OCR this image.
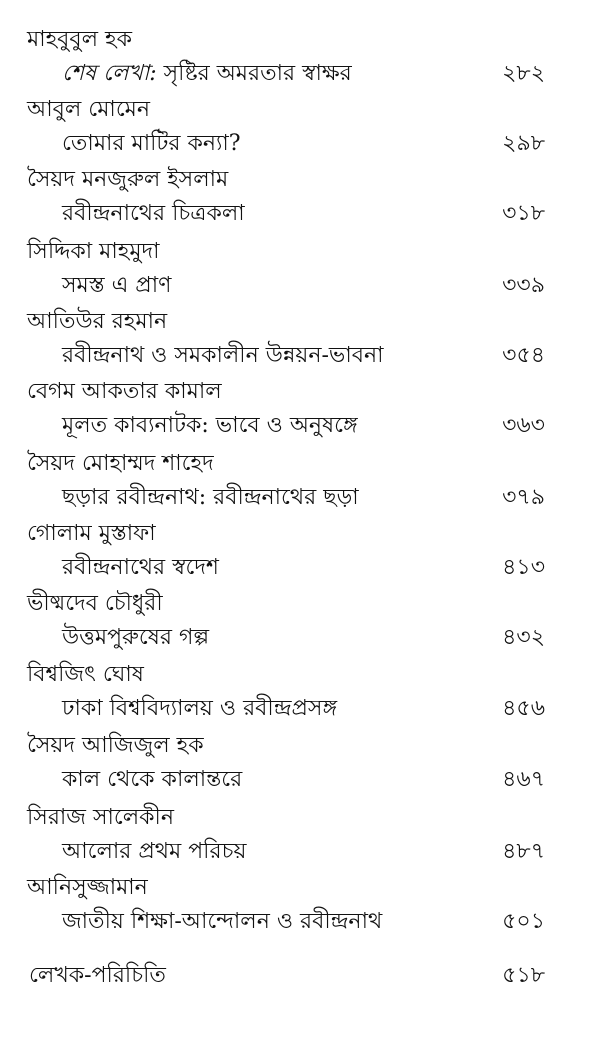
মাহবুবুল হক
শেষ লেখা: সৃষ্টির অমরতার স্বাক্ষর	২৮২
আবুল মোমেন
তোমার মাটির কন্যা?	২৯৮
সৈয়দ মনজুরুল ইসলাম
রবীন্দ্রনাথের চিত্রকলা	৩১৮
সিদ্দিকা মাহমুদা
সমস্ত এ প্রাণ	৩৩৯
আতিউর রহমান
রবীন্দ্রনাথ ও সমকালীন উন্নয়ন-ভাবনা	৩৫৪
বেগম আকতার কামাল
মূলত কাব্যনাটক: ভাবে ও অনুষঙ্গে	৩৬৩
সৈয়দ মোহাম্মদ শাহেদ
ছড়ার রবীন্দ্রনাথ: রবীন্দ্রনাথের ছড়া	৩৭৯
গোলাম মুস্তাফা
রবীন্দ্রনাথের স্বদেশ	৪১৩
ভীষ্মদেব চৌধুরী
উত্তমপুরুষের গল্প	৪৩২
বিশ্বজিৎ ঘোষ
ঢাকা বিশ্ববিদ্যালয় ও রবীন্দ্রপ্রসঙ্গ	৪৫৬
সৈয়দ আজিজুল হক
কাল থেকে কালান্তরে	৪৬৭
সিরাজ সালেকীন
আলোর প্রথম পরিচয়	৪৮৭
আনিসুজ্জামান
জাতীয় শিক্ষা-আন্দোলন ও রবীন্দ্রনাথ	৫০১
লেখক-পরিচিতি	৫১৮
